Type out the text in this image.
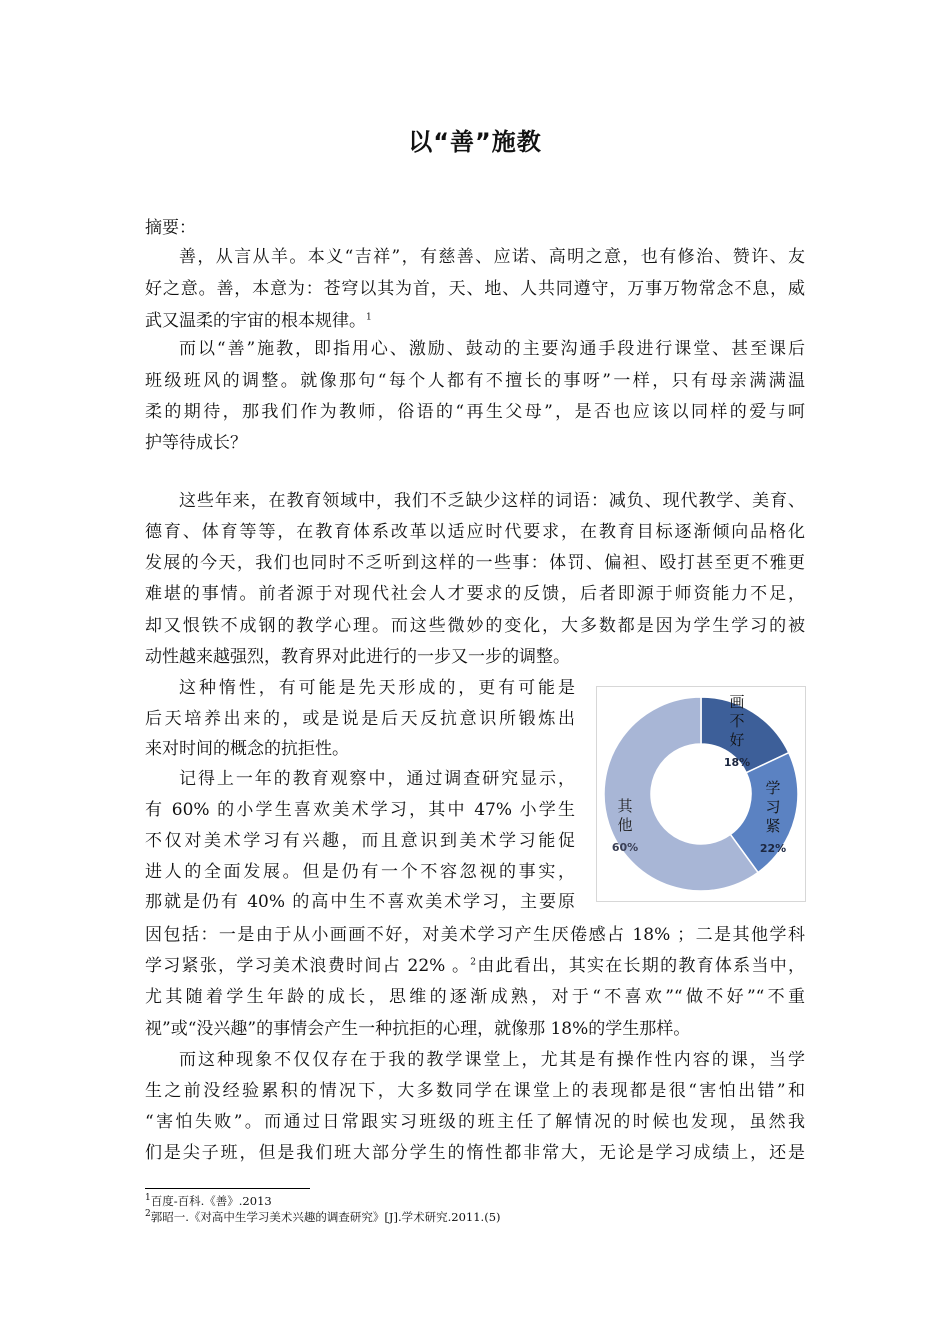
以“善”施教
摘要：
善，从言从羊。本义“吉祥”，有慈善、应诺、高明之意，也有修治、赞许、友
好之意。善，本意为：苍穹以其为首，天、地、人共同遵守，万事万物常念不息，威
武又温柔的宇宙的根本规律。$^1$
而以“善”施教，即指用心、激励、鼓动的主要沟通手段进行课堂、甚至课后
班级班风的调整。就像那句“每个人都有不擅长的事呀”一样，只有母亲满满温
柔的期待，那我们作为教师，俗语的“再生父母”，是否也应该以同样的爱与呵
护等待成长？
这些年来，在教育领域中，我们不乏缺少这样的词语：减负、现代教学、美育、
德育、体育等等，在教育体系改革以适应时代要求，在教育目标逐渐倾向品格化
发展的今天，我们也同时不乏听到这样的一些事：体罚、偏袒、殴打甚至更不雅更
难堪的事情。前者源于对现代社会人才要求的反馈，后者即源于师资能力不足，
却又恨铁不成钢的教学心理。而这些微妙的变化，大多数都是因为学生学习的被
动性越来越强烈，教育界对此进行的一步又一步的调整。
这种惰性，有可能是先天形成的，更有可能是
后天培养出来的，或是说是后天反抗意识所锻炼出
来对时间的概念的抗拒性。
记得上一年的教育观察中，通过调查研究显示，
有 60% 的小学生喜欢美术学习，其中 47% 小学生
不仅对美术学习有兴趣，而且意识到美术学习能促
进人的全面发展。但是仍有一个不容忽视的事实，
那就是仍有 40% 的高中生不喜欢美术学习，主要原
因包括：一是由于从小画画不好，对美术学习产生厌倦感占 18% ；二是其他学科
学习紧张，学习美术浪费时间占 22% 。$^2$由此看出，其实在长期的教育体系当中，
尤其随着学生年龄的成长，思维的逐渐成熟，对于“不喜欢”“做不好”“不重
视”或“没兴趣”的事情会产生一种抗拒的心理，就像那 18%的学生那样。
而这种现象不仅仅存在于我的教学课堂上，尤其是有操作性内容的课，当学
生之前没经验累积的情况下，大多数同学在课堂上的表现都是很“害怕出错”和
“害怕失败”。而通过日常跟实习班级的班主任了解情况的时候也发现，虽然我
们是尖子班，但是我们班大部分学生的惰性都非常大，无论是学习成绩上，还是
画
不
好
18%
学
习
紧
22%
其
他
60%
$^1$百度-百科.《善》.2013
$^2$郭昭一.《对高中生学习美术兴趣的调查研究》[J].学术研究.2011.(5)
